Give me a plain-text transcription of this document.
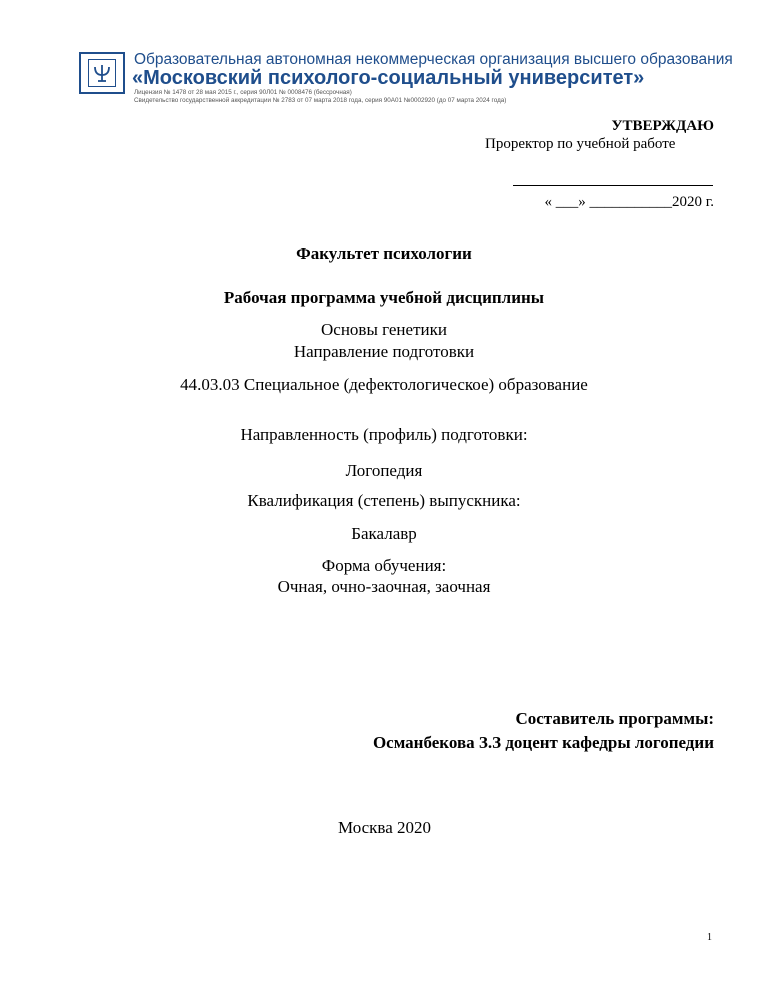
Образовательная автономная некоммерческая организация высшего образования
«Московский психолого-социальный университет»
Лицензия № 1478 от 28 мая 2015 г., серия 90Л01 № 0008476 (бессрочная)
Свидетельство государственной аккредитации № 2783 от 07 марта 2018 года, серия 90А01 №0002920 (до 07 марта 2024 года)
УТВЕРЖДАЮ
Проректор по учебной работе
« ___» ___________2020 г.
Факультет психологии
Рабочая программа учебной дисциплины
Основы генетики
Направление подготовки
44.03.03 Специальное (дефектологическое) образование
Направленность (профиль) подготовки:
Логопедия
Квалификация (степень) выпускника:
Бакалавр
Форма обучения:
Очная, очно-заочная, заочная
Составитель программы:
Османбекова З.З доцент кафедры логопедии
Москва 2020
1
